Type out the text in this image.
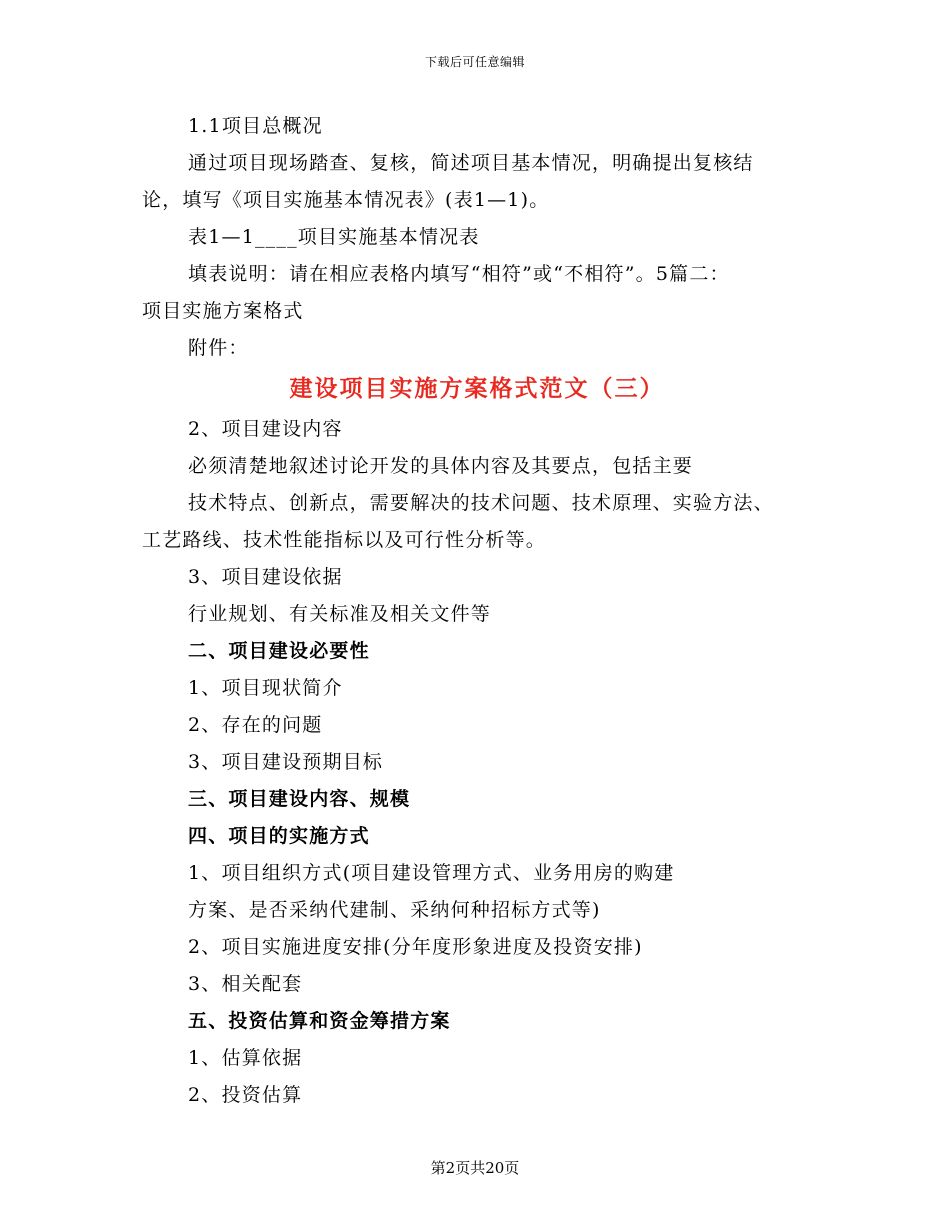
下载后可任意编辑
1.1项目总概况
通过项目现场踏查、复核，简述项目基本情况，明确提出复核结
论，填写《项目实施基本情况表》(表1—1)。
表1—1____项目实施基本情况表
填表说明：请在相应表格内填写“相符”或“不相符”。5篇二：
项目实施方案格式
附件：
建设项目实施方案格式范文（三）
2、项目建设内容
必须清楚地叙述讨论开发的具体内容及其要点，包括主要
技术特点、创新点，需要解决的技术问题、技术原理、实验方法、
工艺路线、技术性能指标以及可行性分析等。
3、项目建设依据
行业规划、有关标准及相关文件等
二、项目建设必要性
1、项目现状简介
2、存在的问题
3、项目建设预期目标
三、项目建设内容、规模
四、项目的实施方式
1、项目组织方式(项目建设管理方式、业务用房的购建
方案、是否采纳代建制、采纳何种招标方式等)
2、项目实施进度安排(分年度形象进度及投资安排)
3、相关配套
五、投资估算和资金筹措方案
1、估算依据
2、投资估算
第2页共20页
